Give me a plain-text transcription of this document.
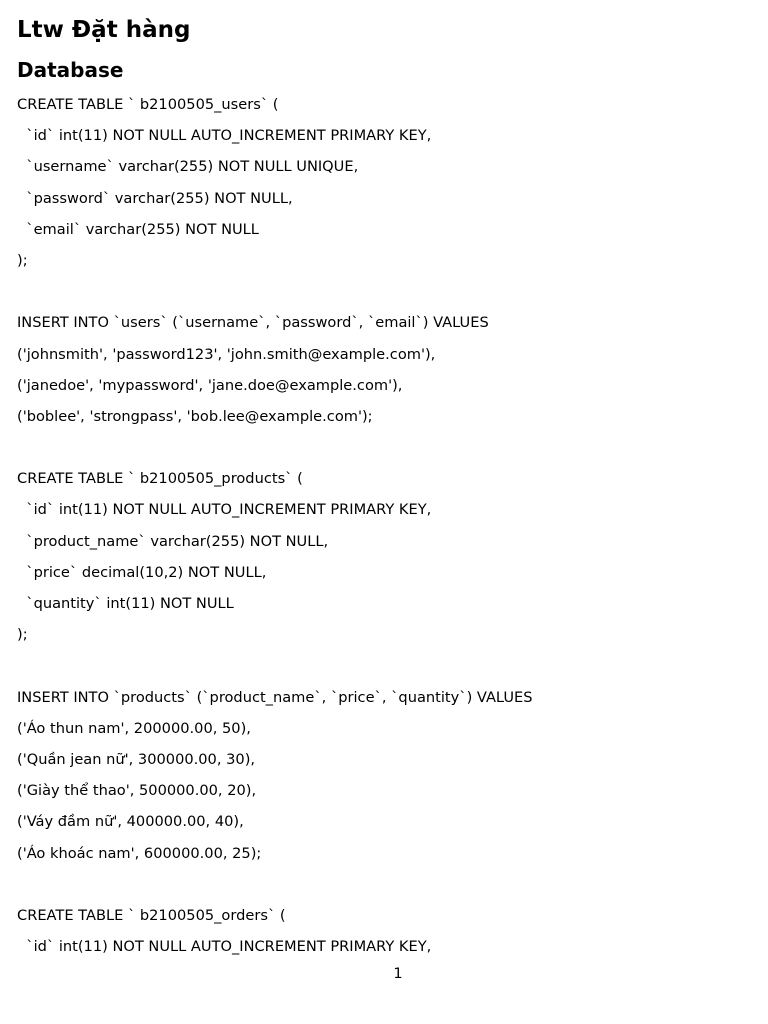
Ltw Đặt hàng
Database
CREATE TABLE ` b2100505_users` (
`id` int(11) NOT NULL AUTO_INCREMENT PRIMARY KEY,
`username` varchar(255) NOT NULL UNIQUE,
`password` varchar(255) NOT NULL,
`email` varchar(255) NOT NULL
);
INSERT INTO `users` (`username`, `password`, `email`) VALUES
('johnsmith', 'password123', 'john.smith@example.com'),
('janedoe', 'mypassword', 'jane.doe@example.com'),
('boblee', 'strongpass', 'bob.lee@example.com');
CREATE TABLE ` b2100505_products` (
`id` int(11) NOT NULL AUTO_INCREMENT PRIMARY KEY,
`product_name` varchar(255) NOT NULL,
`price` decimal(10,2) NOT NULL,
`quantity` int(11) NOT NULL
);
INSERT INTO `products` (`product_name`, `price`, `quantity`) VALUES
('Áo thun nam', 200000.00, 50),
('Quần jean nữ', 300000.00, 30),
('Giày thể thao', 500000.00, 20),
('Váy đầm nữ', 400000.00, 40),
('Áo khoác nam', 600000.00, 25);
CREATE TABLE ` b2100505_orders` (
`id` int(11) NOT NULL AUTO_INCREMENT PRIMARY KEY,
1
